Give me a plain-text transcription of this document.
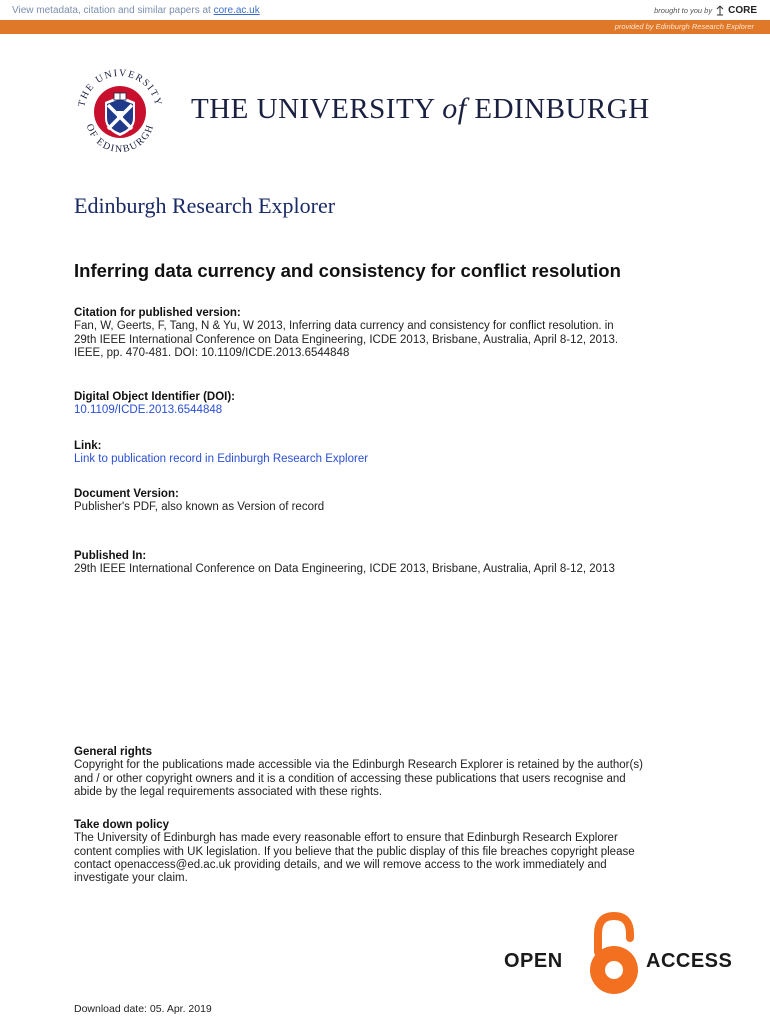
View metadata, citation and similar papers at core.ac.uk	brought to you by CORE
provided by Edinburgh Research Explorer
THE UNIVERSITY
OF EDINBURGH
THE UNIVERSITY of EDINBURGH
Edinburgh Research Explorer
Inferring data currency and consistency for conflict resolution
Citation for published version:
Fan, W, Geerts, F, Tang, N & Yu, W 2013, Inferring data currency and consistency for conflict resolution. in
29th IEEE International Conference on Data Engineering, ICDE 2013, Brisbane, Australia, April 8-12, 2013.
IEEE, pp. 470-481. DOI: 10.1109/ICDE.2013.6544848
Digital Object Identifier (DOI):
10.1109/ICDE.2013.6544848
Link:
Link to publication record in Edinburgh Research Explorer
Document Version:
Publisher's PDF, also known as Version of record
Published In:
29th IEEE International Conference on Data Engineering, ICDE 2013, Brisbane, Australia, April 8-12, 2013
General rights
Copyright for the publications made accessible via the Edinburgh Research Explorer is retained by the author(s)
and / or other copyright owners and it is a condition of accessing these publications that users recognise and
abide by the legal requirements associated with these rights.
Take down policy
The University of Edinburgh has made every reasonable effort to ensure that Edinburgh Research Explorer
content complies with UK legislation. If you believe that the public display of this file breaches copyright please
contact openaccess@ed.ac.uk providing details, and we will remove access to the work immediately and
investigate your claim.
OPEN	ACCESS
Download date: 05. Apr. 2019
